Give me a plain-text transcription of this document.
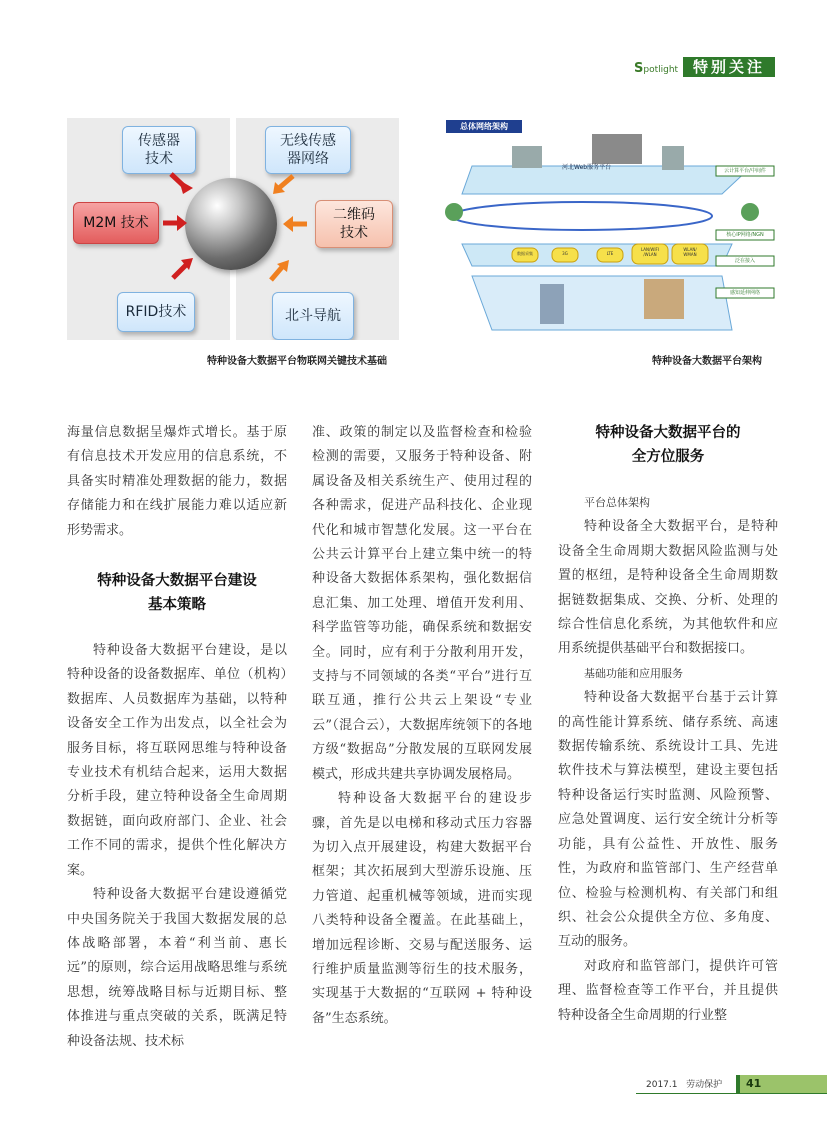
Spotlight 特别关注
传感器
技术
无线传感
器网络
M2M 技术	二维码
技术
RFID技术	北斗导航
特种设备大数据平台物联网关键技术基础
总体网络架构
河北Web服务平台	云计算平台/中间件
核心IP网络/NGN
泛在接入
感知延伸网络
数据采集	3G	LTE
LAN/WIFI
/WLAN
WLAN/
WMAN
特种设备大数据平台架构

海量信息数据呈爆炸式增长。基于原有信息技术开发应用的信息系统，不具备实时精准处理数据的能力，数据存储能力和在线扩展能力难以适应新形势需求。

特种设备大数据平台建设
基本策略

特种设备大数据平台建设，是以特种设备的设备数据库、单位（机构）数据库、人员数据库为基础，以特种设备安全工作为出发点，以全社会为服务目标，将互联网思维与特种设备专业技术有机结合起来，运用大数据分析手段，建立特种设备全生命周期数据链，面向政府部门、企业、社会工作不同的需求，提供个性化解决方案。

特种设备大数据平台建设遵循党中央国务院关于我国大数据发展的总体战略部署，本着“利当前、惠长远”的原则，综合运用战略思维与系统思想，统筹战略目标与近期目标、整体推进与重点突破的关系，既满足特种设备法规、技术标

准、政策的制定以及监督检查和检验检测的需要，又服务于特种设备、附属设备及相关系统生产、使用过程的各种需求，促进产品科技化、企业现代化和城市智慧化发展。这一平台在公共云计算平台上建立集中统一的特种设备大数据体系架构，强化数据信息汇集、加工处理、增值开发利用、科学监管等功能，确保系统和数据安全。同时，应有利于分散利用开发，支持与不同领域的各类“平台”进行互联互通，推行公共云上架设“专业云”（混合云），大数据库统领下的各地方级“数据岛”分散发展的互联网发展模式，形成共建共享协调发展格局。

特种设备大数据平台的建设步骤，首先是以电梯和移动式压力容器为切入点开展建设，构建大数据平台框架；其次拓展到大型游乐设施、压力管道、起重机械等领域，进而实现八类特种设备全覆盖。在此基础上，增加远程诊断、交易与配送服务、运行维护质量监测等衍生的技术服务，实现基于大数据的“互联网 + 特种设备”生态系统。

特种设备大数据平台的
全方位服务
平台总体架构

特种设备全大数据平台，是特种设备全生命周期大数据风险监测与处置的枢纽，是特种设备全生命周期数据链数据集成、交换、分析、处理的综合性信息化系统，为其他软件和应用系统提供基础平台和数据接口。

基础功能和应用服务

特种设备大数据平台基于云计算的高性能计算系统、储存系统、高速数据传输系统、系统设计工具、先进软件技术与算法模型，建设主要包括特种设备运行实时监测、风险预警、应急处置调度、运行安全统计分析等功能，具有公益性、开放性、服务性，为政府和监管部门、生产经营单位、检验与检测机构、有关部门和组织、社会公众提供全方位、多角度、互动的服务。

对政府和监管部门，提供许可管理、监督检查等工作平台，并且提供特种设备全生命周期的行业整

2017.1 劳动保护	41
